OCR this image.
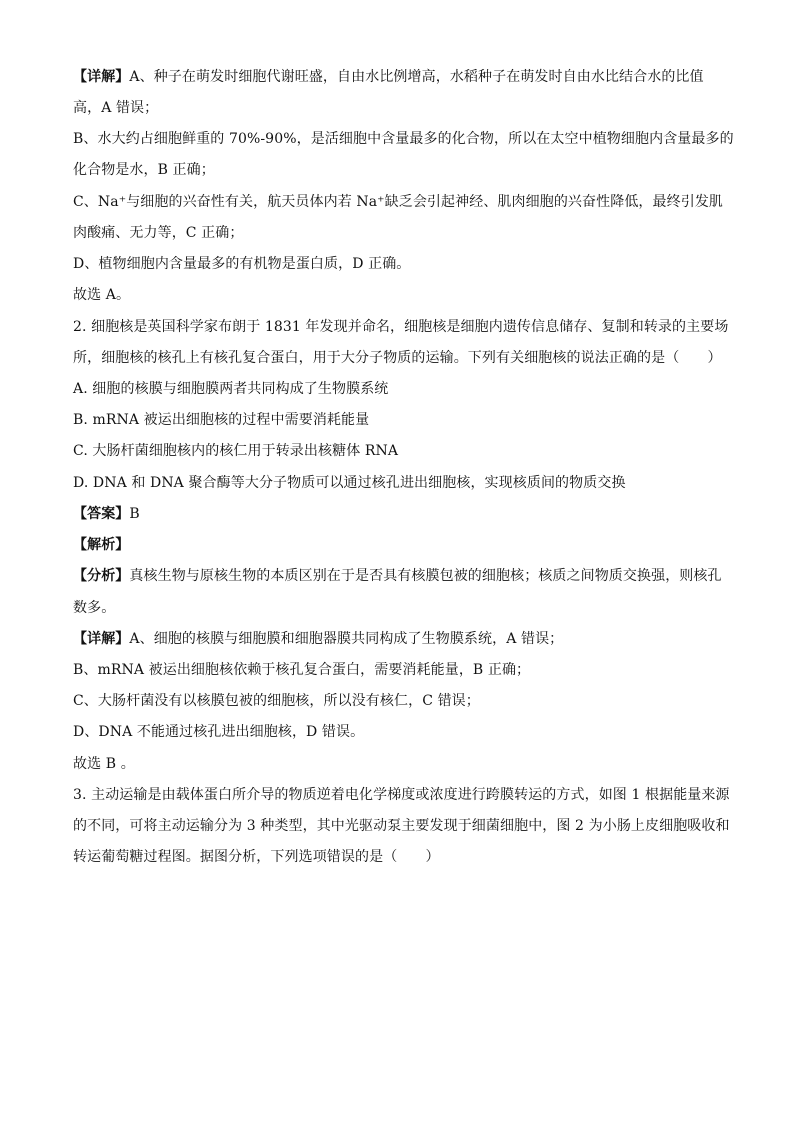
【详解】A、种子在萌发时细胞代谢旺盛，自由水比例增高，水稻种子在萌发时自由水比结合水的比值
高，A 错误；
B、水大约占细胞鲜重的 70%-90%，是活细胞中含量最多的化合物，所以在太空中植物细胞内含量最多的
化合物是水，B 正确；
C、Na⁺与细胞的兴奋性有关，航天员体内若 Na⁺缺乏会引起神经、肌肉细胞的兴奋性降低，最终引发肌
肉酸痛、无力等，C 正确；
D、植物细胞内含量最多的有机物是蛋白质，D 正确。
故选 A。
2. 细胞核是英国科学家布朗于 1831 年发现并命名，细胞核是细胞内遗传信息储存、复制和转录的主要场
所，细胞核的核孔上有核孔复合蛋白，用于大分子物质的运输。下列有关细胞核的说法正确的是（　　）
A. 细胞的核膜与细胞膜两者共同构成了生物膜系统
B. mRNA 被运出细胞核的过程中需要消耗能量
C. 大肠杆菌细胞核内的核仁用于转录出核糖体 RNA
D. DNA 和 DNA 聚合酶等大分子物质可以通过核孔进出细胞核，实现核质间的物质交换
【答案】B
【解析】
【分析】真核生物与原核生物的本质区别在于是否具有核膜包被的细胞核；核质之间物质交换强，则核孔
数多。
【详解】A、细胞的核膜与细胞膜和细胞器膜共同构成了生物膜系统，A 错误；
B、mRNA 被运出细胞核依赖于核孔复合蛋白，需要消耗能量，B 正确；
C、大肠杆菌没有以核膜包被的细胞核，所以没有核仁，C 错误；
D、DNA 不能通过核孔进出细胞核，D 错误。
故选 B 。
3. 主动运输是由载体蛋白所介导的物质逆着电化学梯度或浓度进行跨膜转运的方式，如图 1 根据能量来源
的不同，可将主动运输分为 3 种类型，其中光驱动泵主要发现于细菌细胞中，图 2 为小肠上皮细胞吸收和
转运葡萄糖过程图。据图分析，下列选项错误的是（　　）
